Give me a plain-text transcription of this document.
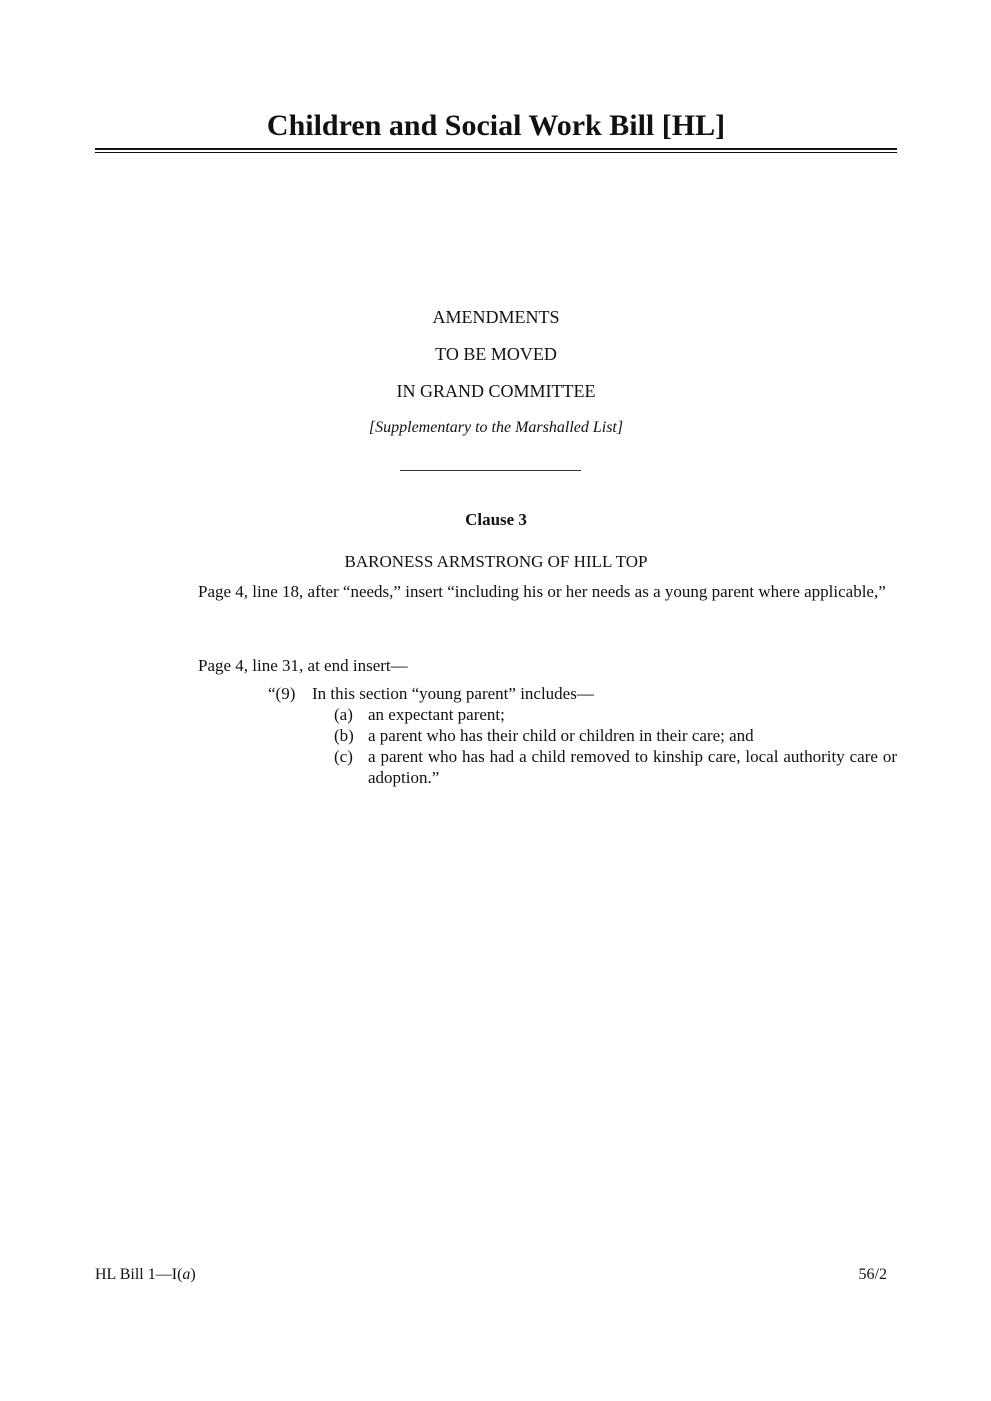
Children and Social Work Bill [HL]
AMENDMENTS
TO BE MOVED
IN GRAND COMMITTEE
[Supplementary to the Marshalled List]
Clause 3
BARONESS ARMSTRONG OF HILL TOP
Page 4, line 18, after “needs,” insert “including his or her needs as a young parent where applicable,”
Page 4, line 31, at end insert—
“(9) In this section “young parent” includes—
(a) an expectant parent;
(b) a parent who has their child or children in their care; and
(c) a parent who has had a child removed to kinship care, local authority care or adoption.”
HL Bill 1—I(a)	56/2
